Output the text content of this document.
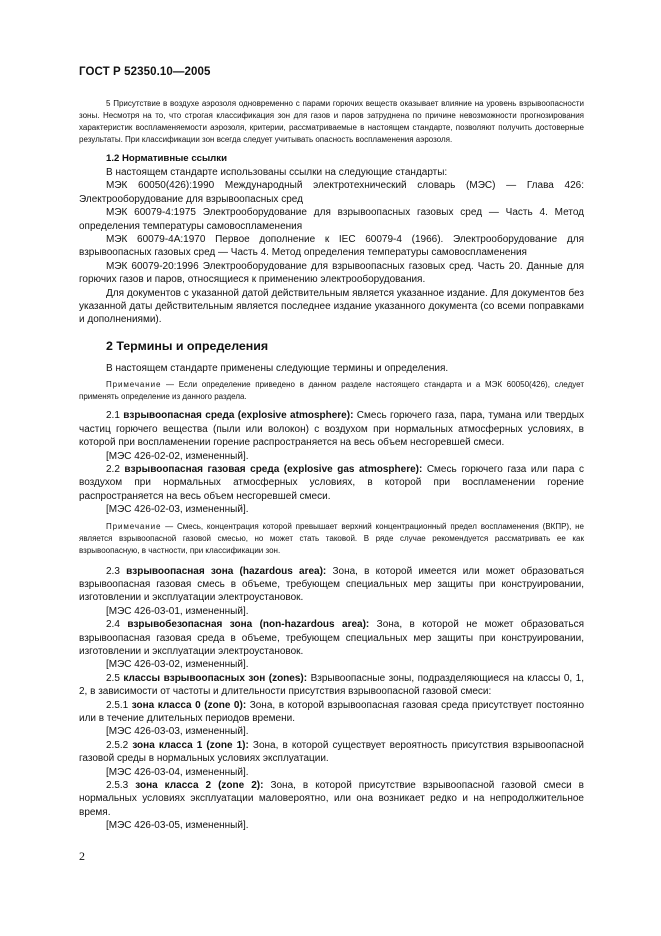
ГОСТ Р 52350.10—2005

5 Присутствие в воздухе аэрозоля одновременно с парами горючих веществ оказывает влияние на уровень взрывоопасности зоны. Несмотря на то, что строгая классификация зон для газов и паров затруднена по причине невозможности прогнозирования характеристик воспламеняемости аэрозоля, критерии, рассматриваемые в настоящем стандарте, позволяют получить достоверные результаты. При классификации зон всегда следует учитывать опасность воспламенения аэрозоля.

1.2 Нормативные ссылки

В настоящем стандарте использованы ссылки на следующие стандарты:

МЭК 60050(426):1990 Международный электротехнический словарь (МЭС) — Глава 426: Электрооборудование для взрывоопасных сред

МЭК 60079-4:1975 Электрооборудование для взрывоопасных газовых сред — Часть 4. Метод определения температуры самовоспламенения

МЭК 60079-4А:1970 Первое дополнение к IEC 60079-4 (1966). Электрооборудование для взрывоопасных газовых сред — Часть 4. Метод определения температуры самовоспламенения

МЭК 60079-20:1996 Электрооборудование для взрывоопасных газовых сред. Часть 20. Данные для горючих газов и паров, относящиеся к применению электрооборудования.

Для документов с указанной датой действительным является указанное издание. Для документов без указанной даты действительным является последнее издание указанного документа (со всеми поправками и дополнениями).

2 Термины и определения

В настоящем стандарте применены следующие термины и определения.

Примечание — Если определение приведено в данном разделе настоящего стандарта и а МЭК 60050(426), следует применять определение из данного раздела.

2.1 взрывоопасная среда (explosive atmosphere): Смесь горючего газа, пара, тумана или твердых частиц горючего вещества (пыли или волокон) с воздухом при нормальных атмосферных условиях, в которой при воспламенении горение распространяется на весь объем несгоревшей смеси.

[МЭС 426-02-02, измененный].

2.2 взрывоопасная газовая среда (explosive gas atmosphere): Смесь горючего газа или пара с воздухом при нормальных атмосферных условиях, в которой при воспламенении горение распространяется на весь объем несгоревшей смеси.

[МЭС 426-02-03, измененный].

Примечание — Смесь, концентрация которой превышает верхний концентрационный предел воспламенения (ВКПР), не является взрывоопасной газовой смесью, но может стать таковой. В ряде случае рекомендуется рассматривать ее как взрывоопасную, в частности, при классификации зон.

2.3 взрывоопасная зона (hazardous area): Зона, в которой имеется или может образоваться взрывоопасная газовая смесь в объеме, требующем специальных мер защиты при конструировании, изготовлении и эксплуатации электроустановок.

[МЭС 426-03-01, измененный].

2.4 взрывобезопасная зона (non-hazardous area): Зона, в которой не может образоваться взрывоопасная газовая среда в объеме, требующем специальных мер защиты при конструировании, изготовлении и эксплуатации электроустановок.

[МЭС 426-03-02, измененный].

2.5 классы взрывоопасных зон (zones): Взрывоопасные зоны, подразделяющиеся на классы 0, 1, 2, в зависимости от частоты и длительности присутствия взрывоопасной газовой смеси:

2.5.1 зона класса 0 (zone 0): Зона, в которой взрывоопасная газовая среда присутствует постоянно или в течение длительных периодов времени.

[МЭС 426-03-03, измененный].

2.5.2 зона класса 1 (zone 1): Зона, в которой существует вероятность присутствия взрывоопасной газовой среды в нормальных условиях эксплуатации.

[МЭС 426-03-04, измененный].

2.5.3 зона класса 2 (zone 2): Зона, в которой присутствие взрывоопасной газовой смеси в нормальных условиях эксплуатации маловероятно, или она возникает редко и на непродолжительное время.

[МЭС 426-03-05, измененный].

2
